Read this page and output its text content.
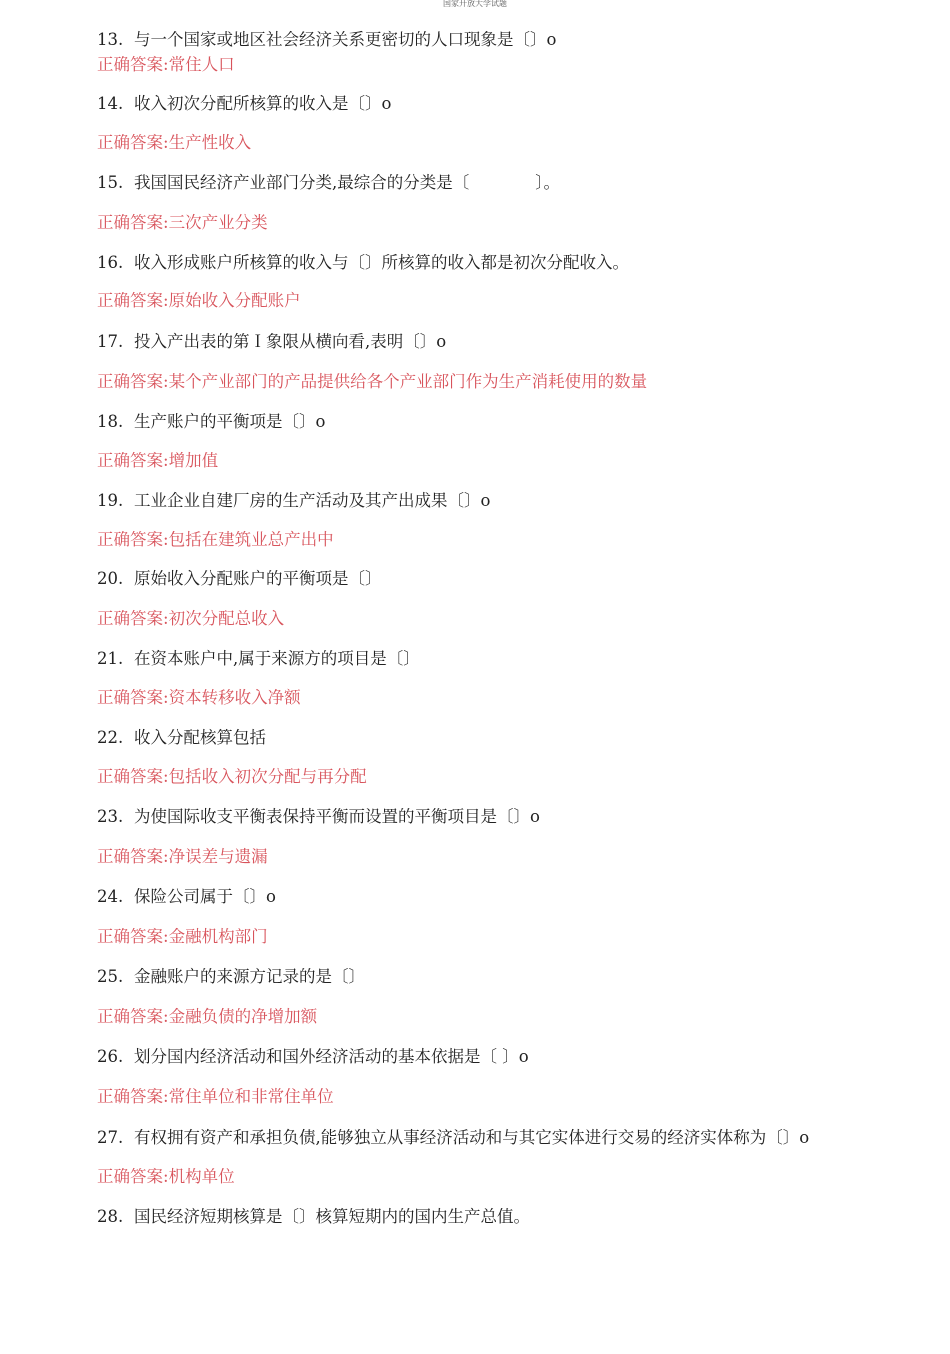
国家开放大学试题
13. 与一个国家或地区社会经济关系更密切的人口现象是〔〕o
正确答案:常住人口
14. 收入初次分配所核算的收入是〔〕o
正确答案:生产性收入
15. 我国国民经济产业部门分类,最综合的分类是〔　　　　〕。
正确答案:三次产业分类
16. 收入形成账户所核算的收入与〔〕所核算的收入都是初次分配收入。
正确答案:原始收入分配账户
17. 投入产出表的第Ｉ象限从横向看,表明〔〕o
正确答案:某个产业部门的产品提供给各个产业部门作为生产消耗使用的数量
18. 生产账户的平衡项是〔〕o
正确答案:增加值
19. 工业企业自建厂房的生产活动及其产出成果〔〕o
正确答案:包括在建筑业总产出中
20. 原始收入分配账户的平衡项是〔〕
正确答案:初次分配总收入
21. 在资本账户中,属于来源方的项目是〔〕
正确答案:资本转移收入净额
22. 收入分配核算包括
正确答案:包括收入初次分配与再分配
23. 为使国际收支平衡表保持平衡而设置的平衡项目是〔〕o
正确答案:净误差与遗漏
24. 保险公司属于〔〕o
正确答案:金融机构部门
25. 金融账户的来源方记录的是〔〕
正确答案:金融负债的净增加额
26. 划分国内经济活动和国外经济活动的基本依据是〔 〕o
正确答案:常住单位和非常住单位
27. 有权拥有资产和承担负债,能够独立从事经济活动和与其它实体进行交易的经济实体称为〔〕o
正确答案:机构单位
28. 国民经济短期核算是〔〕核算短期内的国内生产总值。
